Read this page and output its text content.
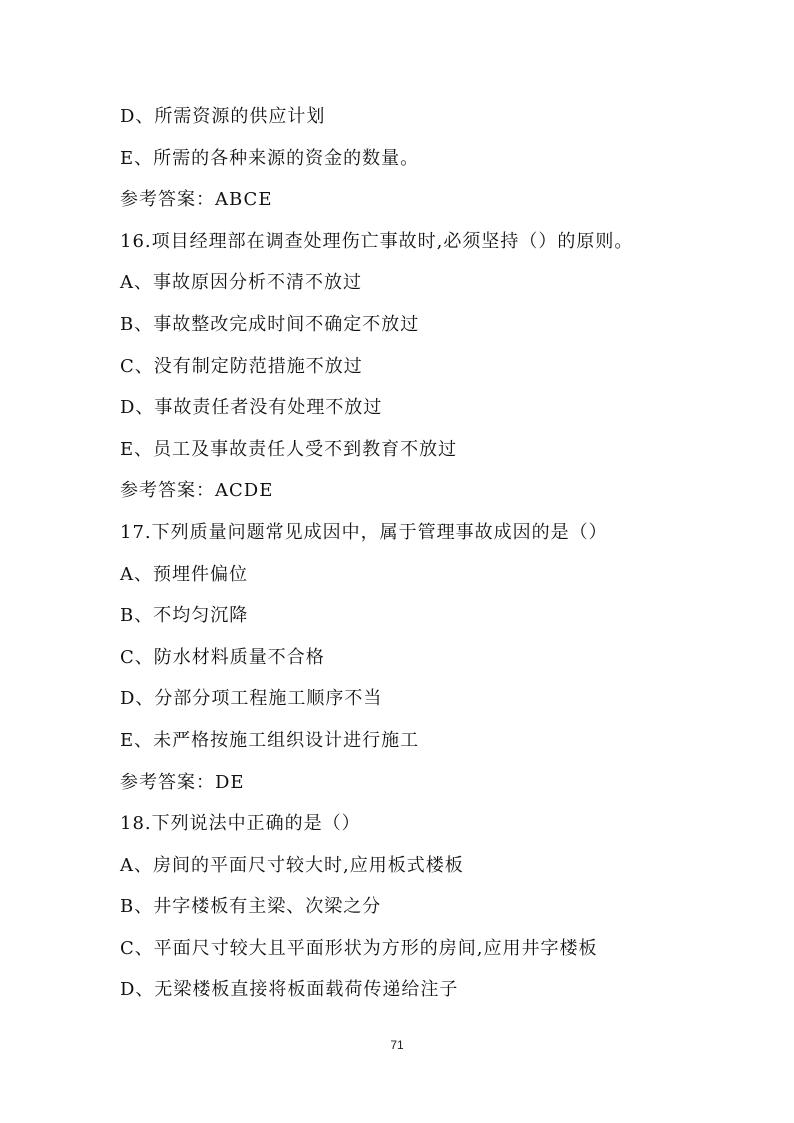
D、所需资源的供应计划
E、所需的各种来源的资金的数量。
参考答案：ABCE
16.项目经理部在调查处理伤亡事故时,必须坚持（）的原则。
A、事故原因分析不清不放过
B、事故整改完成时间不确定不放过
C、没有制定防范措施不放过
D、事故责任者没有处理不放过
E、员工及事故责任人受不到教育不放过
参考答案：ACDE
17.下列质量问题常见成因中，属于管理事故成因的是（）
A、预埋件偏位
B、不均匀沉降
C、防水材料质量不合格
D、分部分项工程施工顺序不当
E、未严格按施工组织设计进行施工
参考答案：DE
18.下列说法中正确的是（）
A、房间的平面尺寸较大时,应用板式楼板
B、井字楼板有主梁、次梁之分
C、平面尺寸较大且平面形状为方形的房间,应用井字楼板
D、无梁楼板直接将板面载荷传递给注子
71
